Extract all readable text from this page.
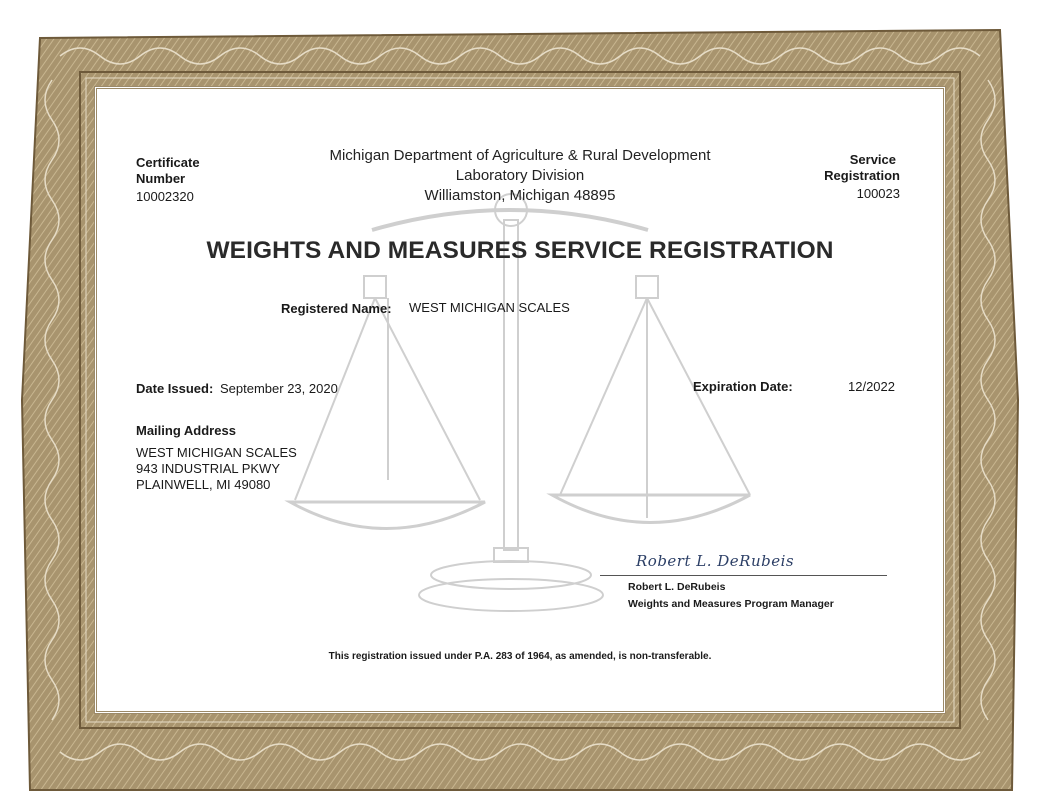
Certificate
Number
10002320
Service
Registration
100023
Michigan Department of Agriculture & Rural Development
Laboratory Division
Williamston, Michigan 48895
WEIGHTS AND MEASURES SERVICE REGISTRATION
Registered Name: WEST MICHIGAN SCALES
Date Issued: September 23, 2020	Expiration Date:	12/2022
Mailing Address
WEST MICHIGAN SCALES
943 INDUSTRIAL PKWY
PLAINWELL, MI 49080
Robert L. DeRubeis
Robert L. DeRubeis
Weights and Measures Program Manager
This registration issued under P.A. 283 of 1964, as amended, is non-transferable.
